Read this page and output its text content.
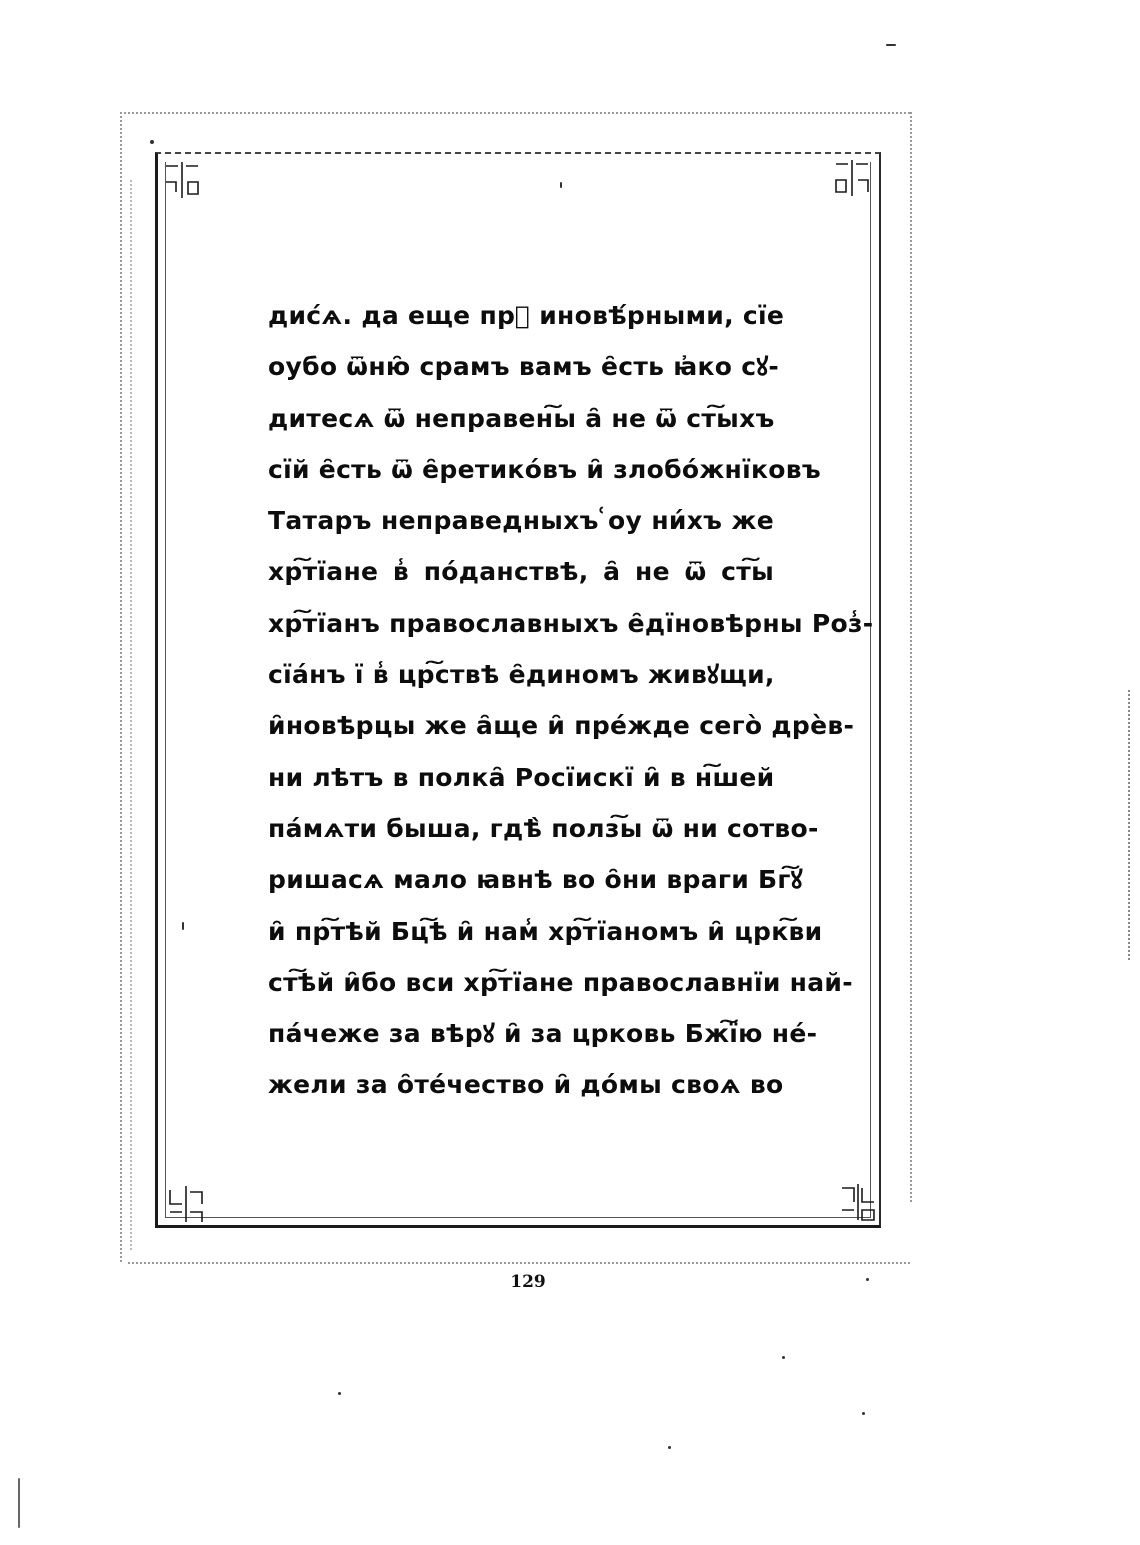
дис́ѧ. да еще прⷠ иновѣ́рными, сїе
оубо ѿню̑ срамъ вамъ е̑сть ꙗ҆ко сꙋ-
дитесѧ ѿ неправен͠ы а̑ не ѿ ст͠ыхъ
сїй е̑сть ѿ е̑ретико́въ и̑ злобо́жнїковъ
Татаръ неправедныхъ ͑оу ни́хъ же
хр͠тїане в̾ по́данствѣ, а̑ не ѿ ст͠ы
хр͠тїанъ православныхъ е̑дїновѣрны Роз̾-
сїа́нъ ї в̾ цр͠ствѣ е̑диномъ живꙋщи,
и̑новѣрцы же а̑ще и̑ пре́жде сего̀ дрѐв-
ни лѣтъ в полка̑ Росїискї и̑ в н͠шей
па́мѧти быша, гдѣ̀ полз͠ы ѿ ни сотво-
ришасѧ мало ꙗвнѣ во о̑ни враги Бг͠ꙋ
и̑ пр͠тѣй Бц͠ѣ и̑ нам̾ хр͠тїаномъ и̑ црк͠ви
ст͠ѣй и̑бо вси хр͠тїане православнїи най-
па́чеже за вѣрꙋ и̑ за црковь Бж͠їю не́-
жели за о̑те́чество и̑ до́мы своѧ во
129
